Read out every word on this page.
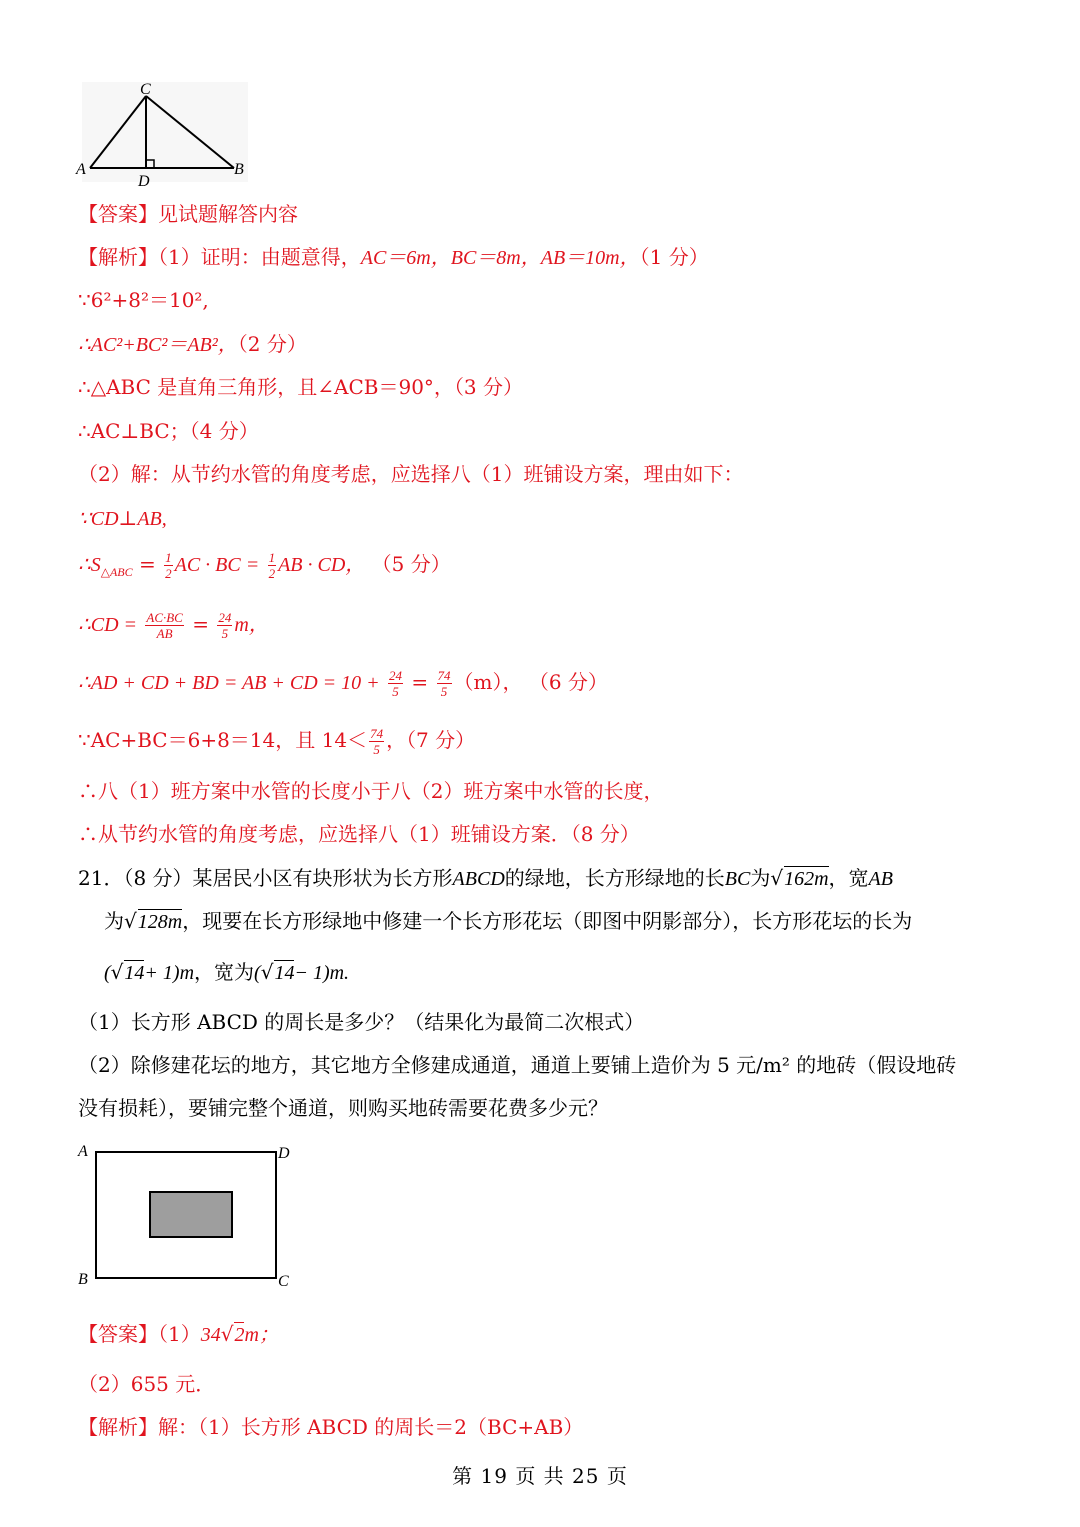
C
A	B
D
【答案】见试题解答内容
【解析】（1）证明：由题意得，AC＝6m，BC＝8m，AB＝10m，（1 分）
∵6²+8²＝10²,
∴AC²+BC²＝AB²，（2 分）
∴△ABC 是直角三角形，且∠ACB＝90°，（3 分）
∴AC⊥BC；（4 分）
（2）解：从节约水管的角度考虑，应选择八（1）班铺设方案，理由如下：
∵CD⊥AB,
$\therefore S_{\triangle ABC} = \frac{1}{2}$ AC · BC = $\frac{1}{2}$ AB · CD， （5 分）
∴CD = $\frac{AC\cdot BC}{AB} = \frac{24}{5}$ m，
∴AD + CD + BD = AB + CD = $10 + \frac{24}{5} = \frac{74}{5} (m)$， （6 分）
∵AC+BC＝6+8＝14，且 $14< \frac{74}{5}$ ，（7 分）
∴八（1）班方案中水管的长度小于八（2）班方案中水管的长度，
∴从节约水管的角度考虑，应选择八（1）班铺设方案．（8 分）
21．（8 分）某居民小区有块形状为长方形ABCD的绿地，长方形绿地的长BC为√162m，宽AB
为√128m，现要在长方形绿地中修建一个长方形花坛（即图中阴影部分），长方形花坛的长为
(√14+ 1)m，宽为(√14− 1)m.
（1）长方形 ABCD 的周长是多少？（结果化为最简二次根式）
（2）除修建花坛的地方，其它地方全修建成通道，通道上要铺上造价为 5 元/m² 的地砖（假设地砖
没有损耗），要铺完整个通道，则购买地砖需要花费多少元？
A	D
B	C
【答案】（1）34√2m；
（2）655 元．
【解析】解：（1）长方形 ABCD 的周长＝2（BC+AB）
第 19 页 共 25 页
